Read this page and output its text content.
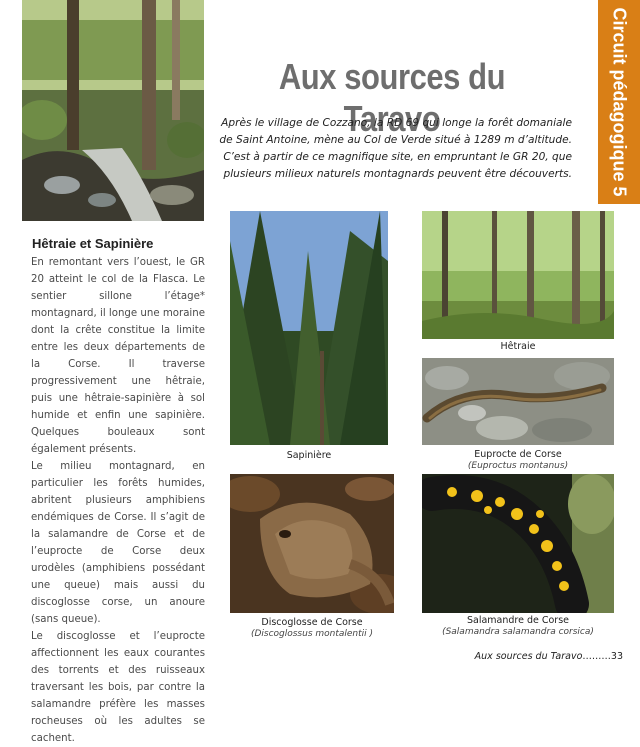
Aux sources du Taravo
Après le village de Cozzano, la RD 69 qui longe la forêt domaniale de Saint Antoine, mène au Col de Verde situé à 1289 m d’altitude. C’est à partir de ce magnifique site, en empruntant le GR 20, que plusieurs milieux naturels montagnards peuvent être découverts. Circuit pédagogique 5
Hêtraie et Sapinière

En remontant vers l’ouest, le GR 20 atteint le col de la Flasca. Le sentier sillone l’étage* montagnard, il longe une moraine dont la crête constitue la limite entre les deux départements de la Corse. Il traverse progressivement une hêtraie, puis une hêtraie-sapinière à sol humide et enfin une sapinière. Quelques bouleaux sont également présents.

Le milieu montagnard, en particulier les forêts humides, abritent plusieurs amphibiens endémiques de Corse. Il s’agit de la salamandre de Corse et de l’euprocte de Corse deux urodèles (amphibiens possédant une queue) mais aussi du discoglosse corse, un anoure (sans queue).

Le discoglosse et l’euprocte affectionnent les eaux courantes des torrents et des ruisseaux traversant les bois, par contre la salamandre préfère les masses rocheuses où les adultes se cachent.

Sapinière
Hêtraie
Euprocte de Corse
(Euproctus montanus)
Discoglosse de Corse
(Discoglossus montalentii )
Salamandre de Corse
(Salamandra salamandra corsica)
Aux sources du Taravo………33
